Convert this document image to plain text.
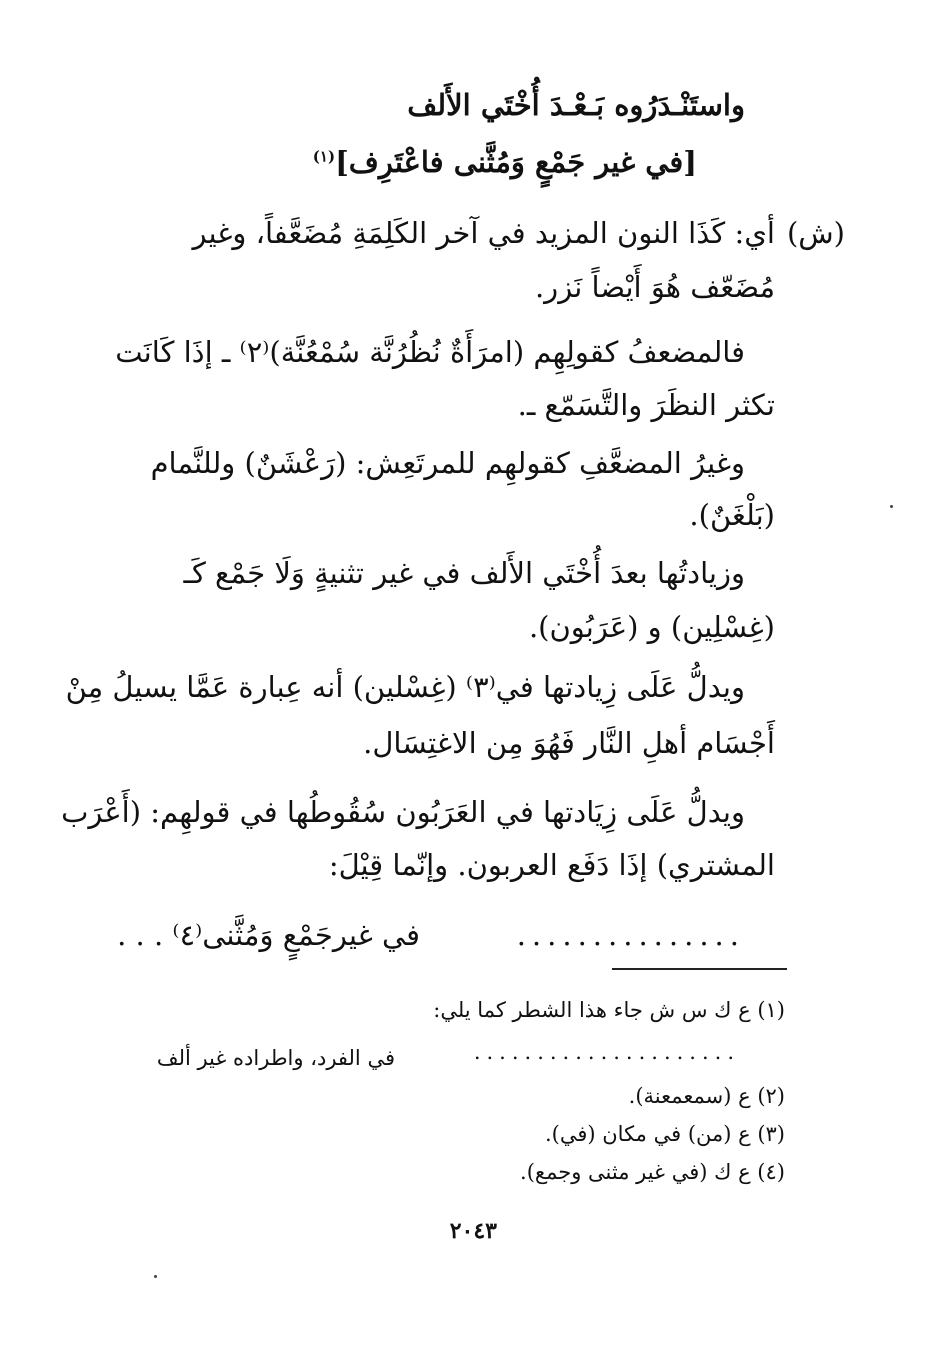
واستَنْـدَرُوه بَـعْـدَ أُخْتَي الأَلف
[في غير جَمْعٍ وَمُثَّنى فاعْتَرِف]$^{(١)}$
(ش)
أي: كَذَا النون المزيد في آخر الكَلِمَةِ مُضَعَّفاً، وغير
مُضَعّف هُوَ أَيْضاً نَزر.
فالمضعفُ كقولِهِم (امرَأَةٌ نُظُرُنَّة سُمْعُنَّة)⁽٢⁾ ـ إذَا كَانَت
تكثر النظَرَ والتَّسَمّع ـ.
وغيرُ المضعَّفِ كقولهِم للمرتَعِش: (رَعْشَنٌ) وللنَّمام
(بَلْغَنٌ).
وزيادتُها بعدَ أُخْتَي الأَلف في غير تثنيةٍ وَلَا جَمْع كَـ
(غِسْلِين) و (عَرَبُون).
ويدلُّ عَلَى زِيادتها في⁽٣⁾ (غِسْلين) أنه عِبارة عَمَّا يسيلُ مِنْ
أَجْسَام أهلِ النَّار فَهُوَ مِن الاغتِسَال.
ويدلُّ عَلَى زِيَادتها في العَرَبُون سُقُوطُها في قولهِم: (أَعْرَب
المشتري) إذَا دَفَع العربون. وإنّما قِيْلَ:
...............
في غيرجَمْعٍ وَمُثَّنى⁽٤⁾ . . .
(١) ع ك س ش جاء هذا الشطر كما يلي:
.....................
في الفرد، واطراده غير ألف
(٢) ع (سمعمعنة).
(٣) ع (من) في مكان (في).
(٤) ع ك (في غير مثنى وجمع).
٢٠٤٣
